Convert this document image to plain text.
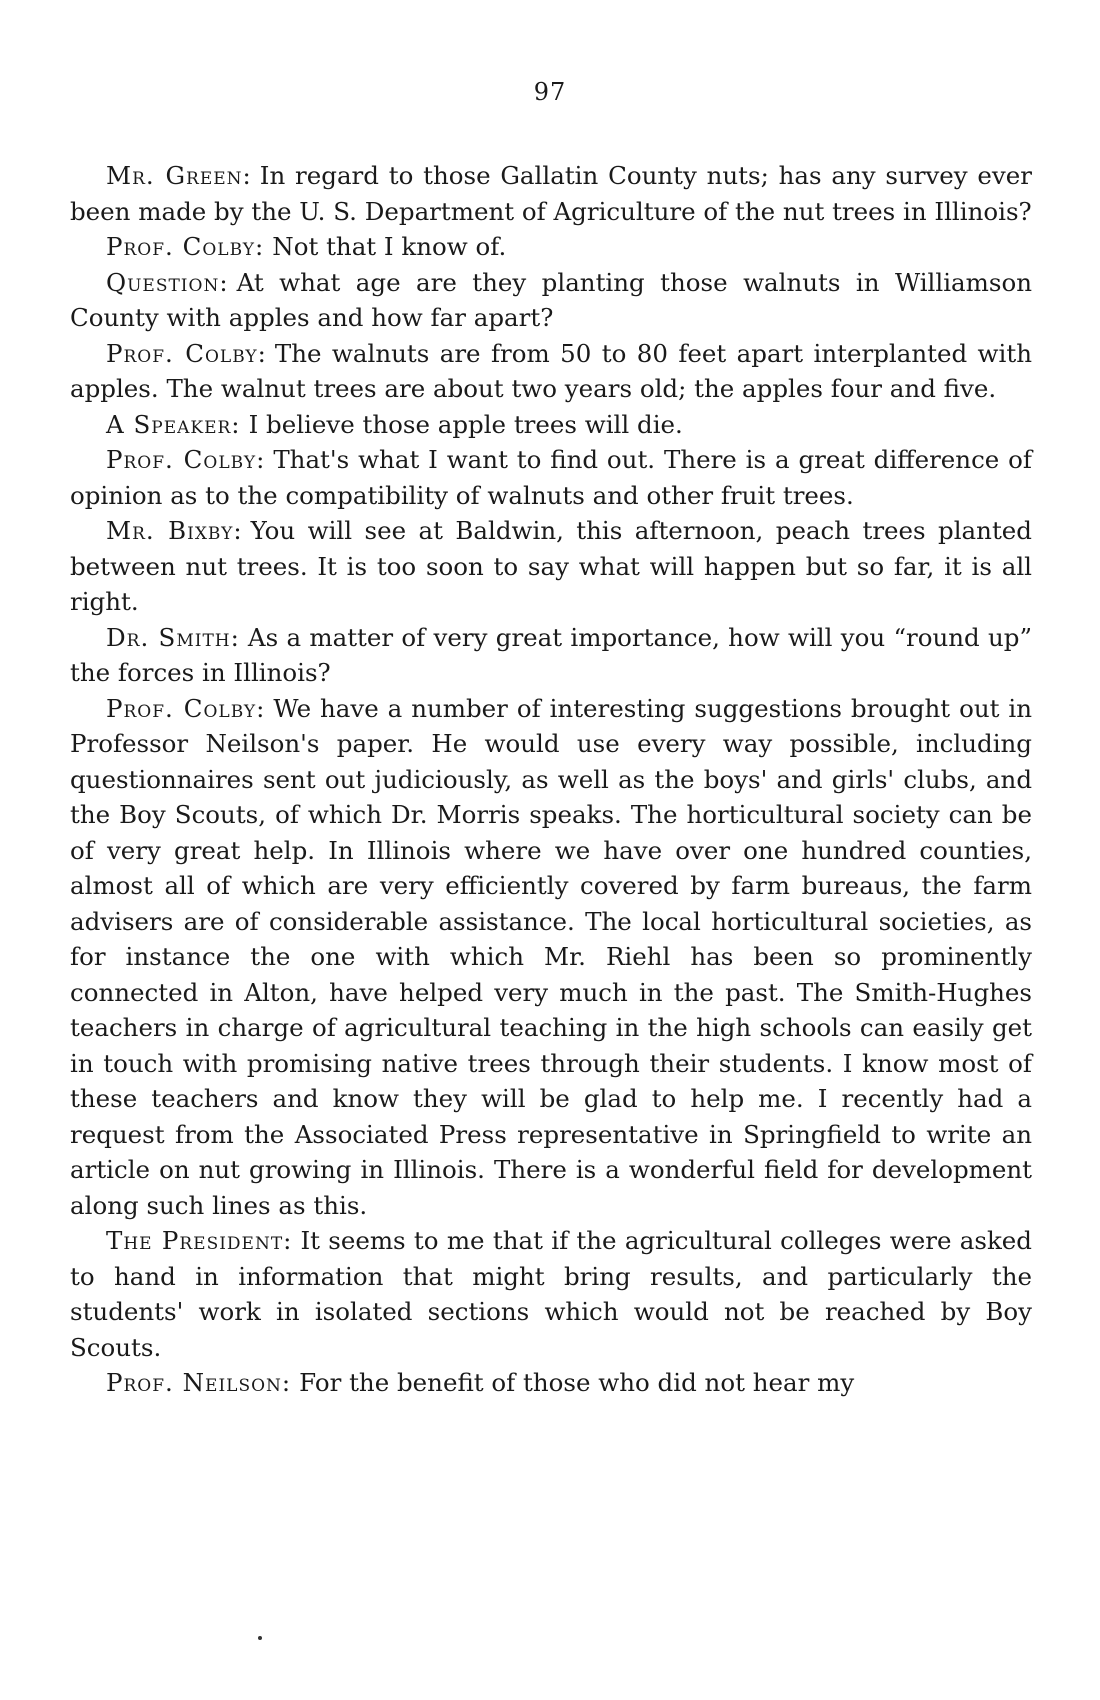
97

Mr. Green: In regard to those Gallatin County nuts; has any survey ever been made by the U. S. Department of Agriculture of the nut trees in Illinois?

Prof. Colby: Not that I know of.

Question: At what age are they planting those walnuts in Williamson County with apples and how far apart?

Prof. Colby: The walnuts are from 50 to 80 feet apart interplanted with apples. The walnut trees are about two years old; the apples four and five.

A Speaker: I believe those apple trees will die.

Prof. Colby: That's what I want to find out. There is a great difference of opinion as to the compatibility of walnuts and other fruit trees.

Mr. Bixby: You will see at Baldwin, this afternoon, peach trees planted between nut trees. It is too soon to say what will happen but so far, it is all right.

Dr. Smith: As a matter of very great importance, how will you “round up” the forces in Illinois?

Prof. Colby: We have a number of interesting suggestions brought out in Professor Neilson's paper. He would use every way possible, including questionnaires sent out judiciously, as well as the boys' and girls' clubs, and the Boy Scouts, of which Dr. Morris speaks. The horticultural society can be of very great help. In Illinois where we have over one hundred counties, almost all of which are very efficiently covered by farm bureaus, the farm advisers are of considerable assistance. The local horticultural societies, as for instance the one with which Mr. Riehl has been so prominently connected in Alton, have helped very much in the past. The Smith-Hughes teachers in charge of agricultural teaching in the high schools can easily get in touch with promising native trees through their students. I know most of these teachers and know they will be glad to help me. I recently had a request from the Associated Press representative in Springfield to write an article on nut growing in Illinois. There is a wonderful field for development along such lines as this.

The President: It seems to me that if the agricultural colleges were asked to hand in information that might bring results, and particularly the students' work in isolated sections which would not be reached by Boy Scouts.

Prof. Neilson: For the benefit of those who did not hear my
